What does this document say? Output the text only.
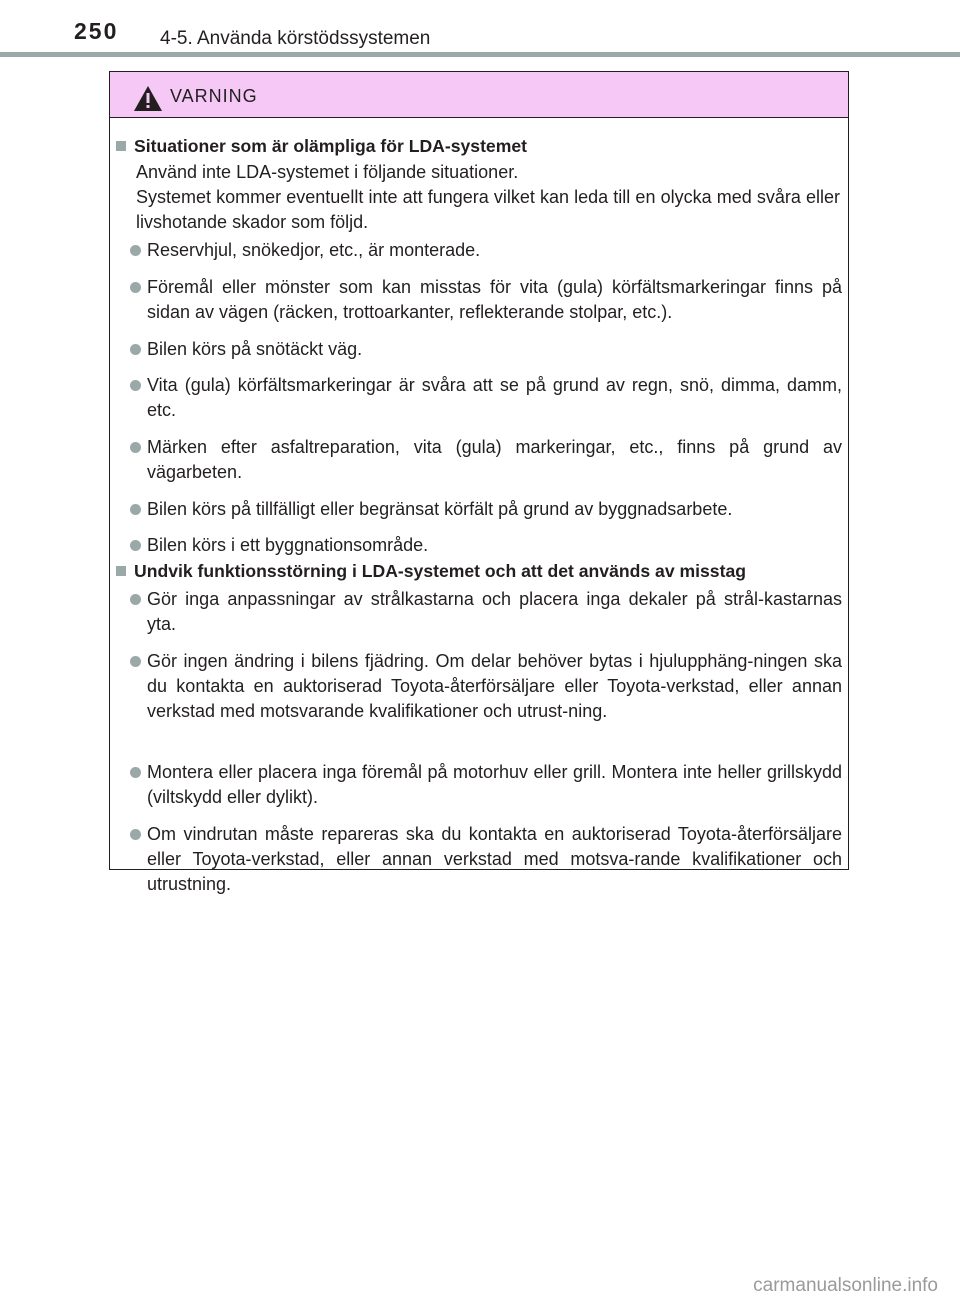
250 4-5. Använda körstödssystemen
VARNING
Situationer som är olämpliga för LDA-systemet
Använd inte LDA-systemet i följande situationer.
Systemet kommer eventuellt inte att fungera vilket kan leda till en olycka med svåra eller livshotande skador som följd.
Reservhjul, snökedjor, etc., är monterade.
Föremål eller mönster som kan misstas för vita (gula) körfältsmarkeringar finns på sidan av vägen (räcken, trottoarkanter, reflekterande stolpar, etc.).
Bilen körs på snötäckt väg.
Vita (gula) körfältsmarkeringar är svåra att se på grund av regn, snö, dimma, damm, etc.
Märken efter asfaltreparation, vita (gula) markeringar, etc., finns på grund av vägarbeten.
Bilen körs på tillfälligt eller begränsat körfält på grund av byggnadsarbete.
Bilen körs i ett byggnationsområde.
Undvik funktionsstörning i LDA-systemet och att det används av misstag
Gör inga anpassningar av strålkastarna och placera inga dekaler på strål-kastarnas yta.
Gör ingen ändring i bilens fjädring. Om delar behöver bytas i hjulupphäng-ningen ska du kontakta en auktoriserad Toyota-återförsäljare eller Toyota-verkstad, eller annan verkstad med motsvarande kvalifikationer och utrust-ning.
Montera eller placera inga föremål på motorhuv eller grill. Montera inte heller grillskydd (viltskydd eller dylikt).
Om vindrutan måste repareras ska du kontakta en auktoriserad Toyota-återförsäljare eller Toyota-verkstad, eller annan verkstad med motsva-rande kvalifikationer och utrustning.
carmanualsonline.info
